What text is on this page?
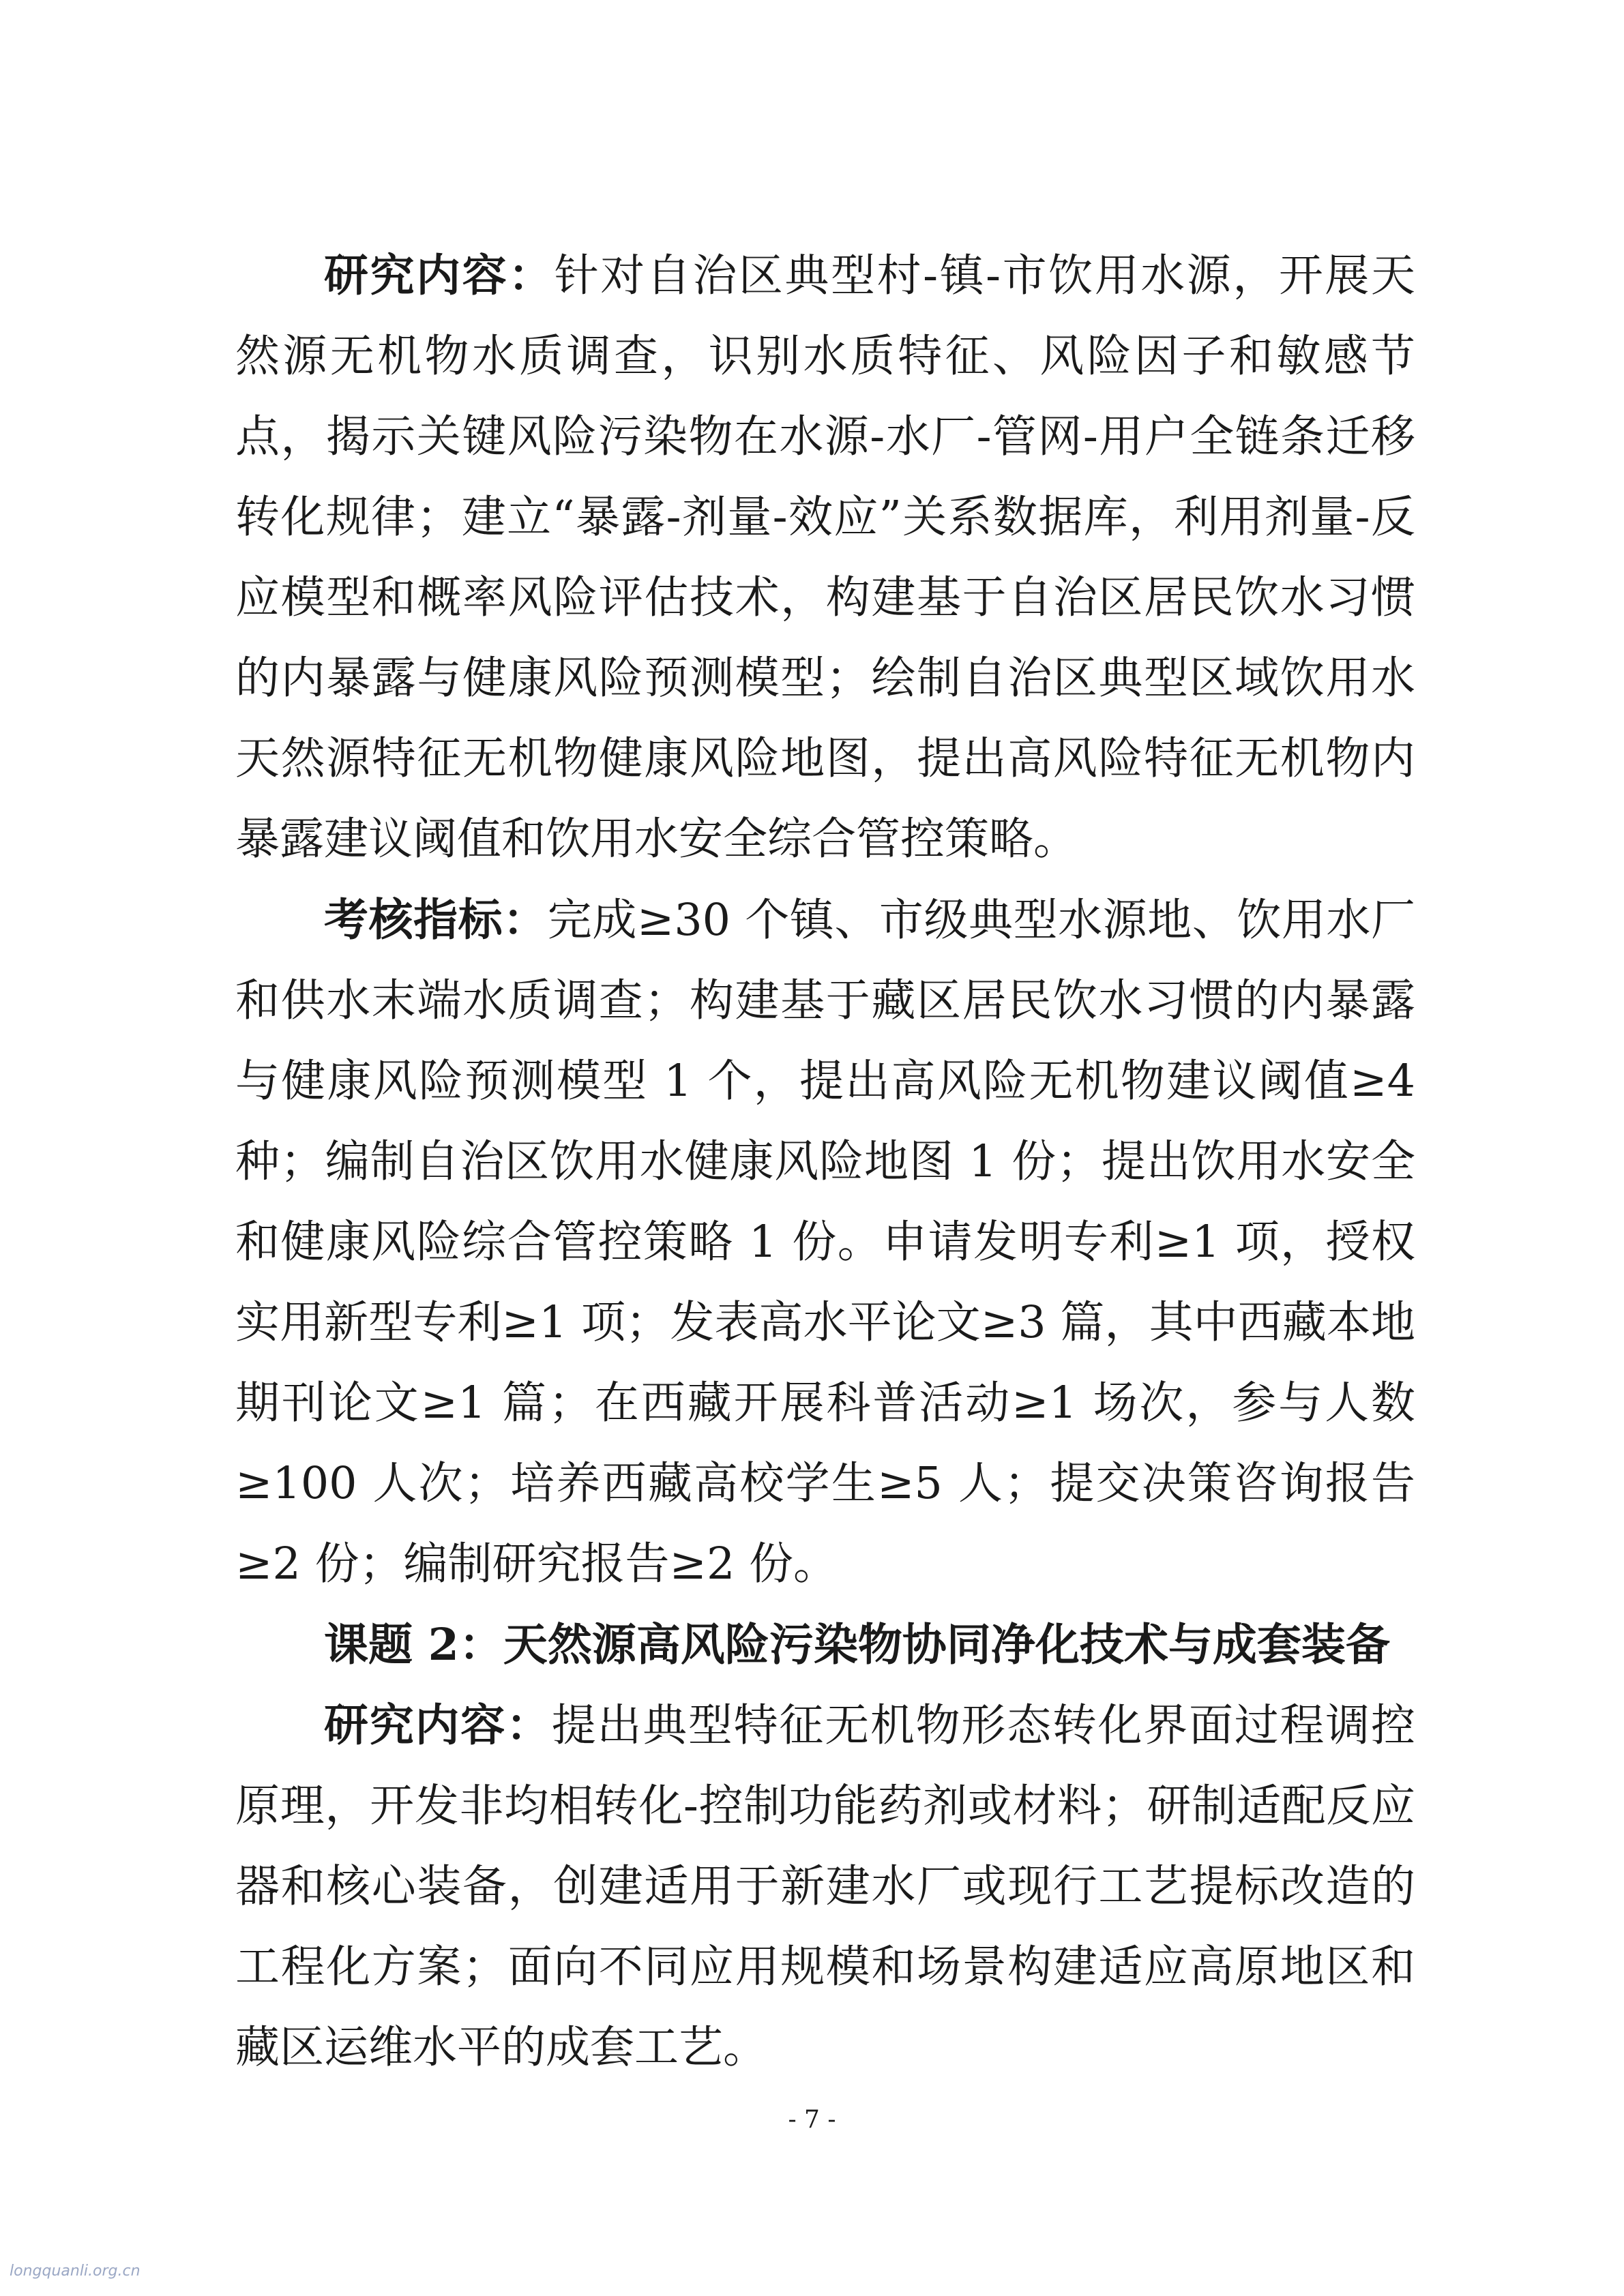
研究内容：针对自治区典型村-镇-市饮用水源，开展天然源无机物水质调查，识别水质特征、风险因子和敏感节点，揭示关键风险污染物在水源-水厂-管网-用户全链条迁移转化规律；建立“暴露-剂量-效应”关系数据库，利用剂量-反应模型和概率风险评估技术，构建基于自治区居民饮水习惯的内暴露与健康风险预测模型；绘制自治区典型区域饮用水天然源特征无机物健康风险地图，提出高风险特征无机物内暴露建议阈值和饮用水安全综合管控策略。

考核指标：完成≥30 个镇、市级典型水源地、饮用水厂和供水末端水质调查；构建基于藏区居民饮水习惯的内暴露与健康风险预测模型 1 个，提出高风险无机物建议阈值≥4 种；编制自治区饮用水健康风险地图 1 份；提出饮用水安全和健康风险综合管控策略 1 份。申请发明专利≥1 项，授权实用新型专利≥1 项；发表高水平论文≥3 篇，其中西藏本地期刊论文≥1 篇；在西藏开展科普活动≥1 场次，参与人数≥100 人次；培养西藏高校学生≥5 人；提交决策咨询报告≥2 份；编制研究报告≥2 份。

课题 2：天然源高风险污染物协同净化技术与成套装备

研究内容：提出典型特征无机物形态转化界面过程调控原理，开发非均相转化-控制功能药剂或材料；研制适配反应器和核心装备，创建适用于新建水厂或现行工艺提标改造的工程化方案；面向不同应用规模和场景构建适应高原地区和藏区运维水平的成套工艺。

- 7 -
longquanli.org.cn
